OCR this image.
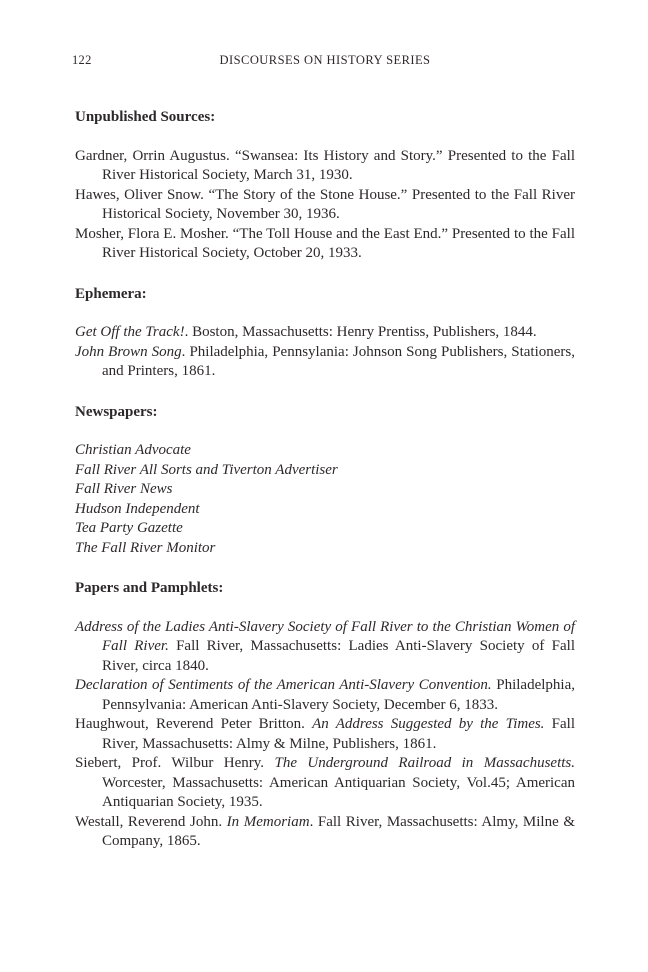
122	DISCOURSES ON HISTORY SERIES
Unpublished Sources:

Gardner, Orrin Augustus. “Swansea: Its History and Story.” Presented to the Fall River Historical Society, March 31, 1930.

Hawes, Oliver Snow. “The Story of the Stone House.” Presented to the Fall River Historical Society, November 30, 1936.

Mosher, Flora E. Mosher. “The Toll House and the East End.” Presented to the Fall River Historical Society, October 20, 1933.

Ephemera:

Get Off the Track!. Boston, Massachusetts: Henry Prentiss, Publishers, 1844.

John Brown Song. Philadelphia, Pennsylania: Johnson Song Publishers, Stationers, and Printers, 1861.

Newspapers:

Christian Advocate

Fall River All Sorts and Tiverton Advertiser

Fall River News

Hudson Independent

Tea Party Gazette

The Fall River Monitor

Papers and Pamphlets:

Address of the Ladies Anti-Slavery Society of Fall River to the Christian Women of Fall River. Fall River, Massachusetts: Ladies Anti-Slavery Society of Fall River, circa 1840.

Declaration of Sentiments of the American Anti-Slavery Convention. Philadelphia, Pennsylvania: American Anti-Slavery Society, December 6, 1833.

Haughwout, Reverend Peter Britton. An Address Suggested by the Times. Fall River, Massachusetts: Almy & Milne, Publishers, 1861.

Siebert, Prof. Wilbur Henry. The Underground Railroad in Massachusetts. Worcester, Massachusetts: American Antiquarian Society, Vol.45; American Antiquarian Society, 1935.

Westall, Reverend John. In Memoriam. Fall River, Massachusetts: Almy, Milne & Company, 1865.
